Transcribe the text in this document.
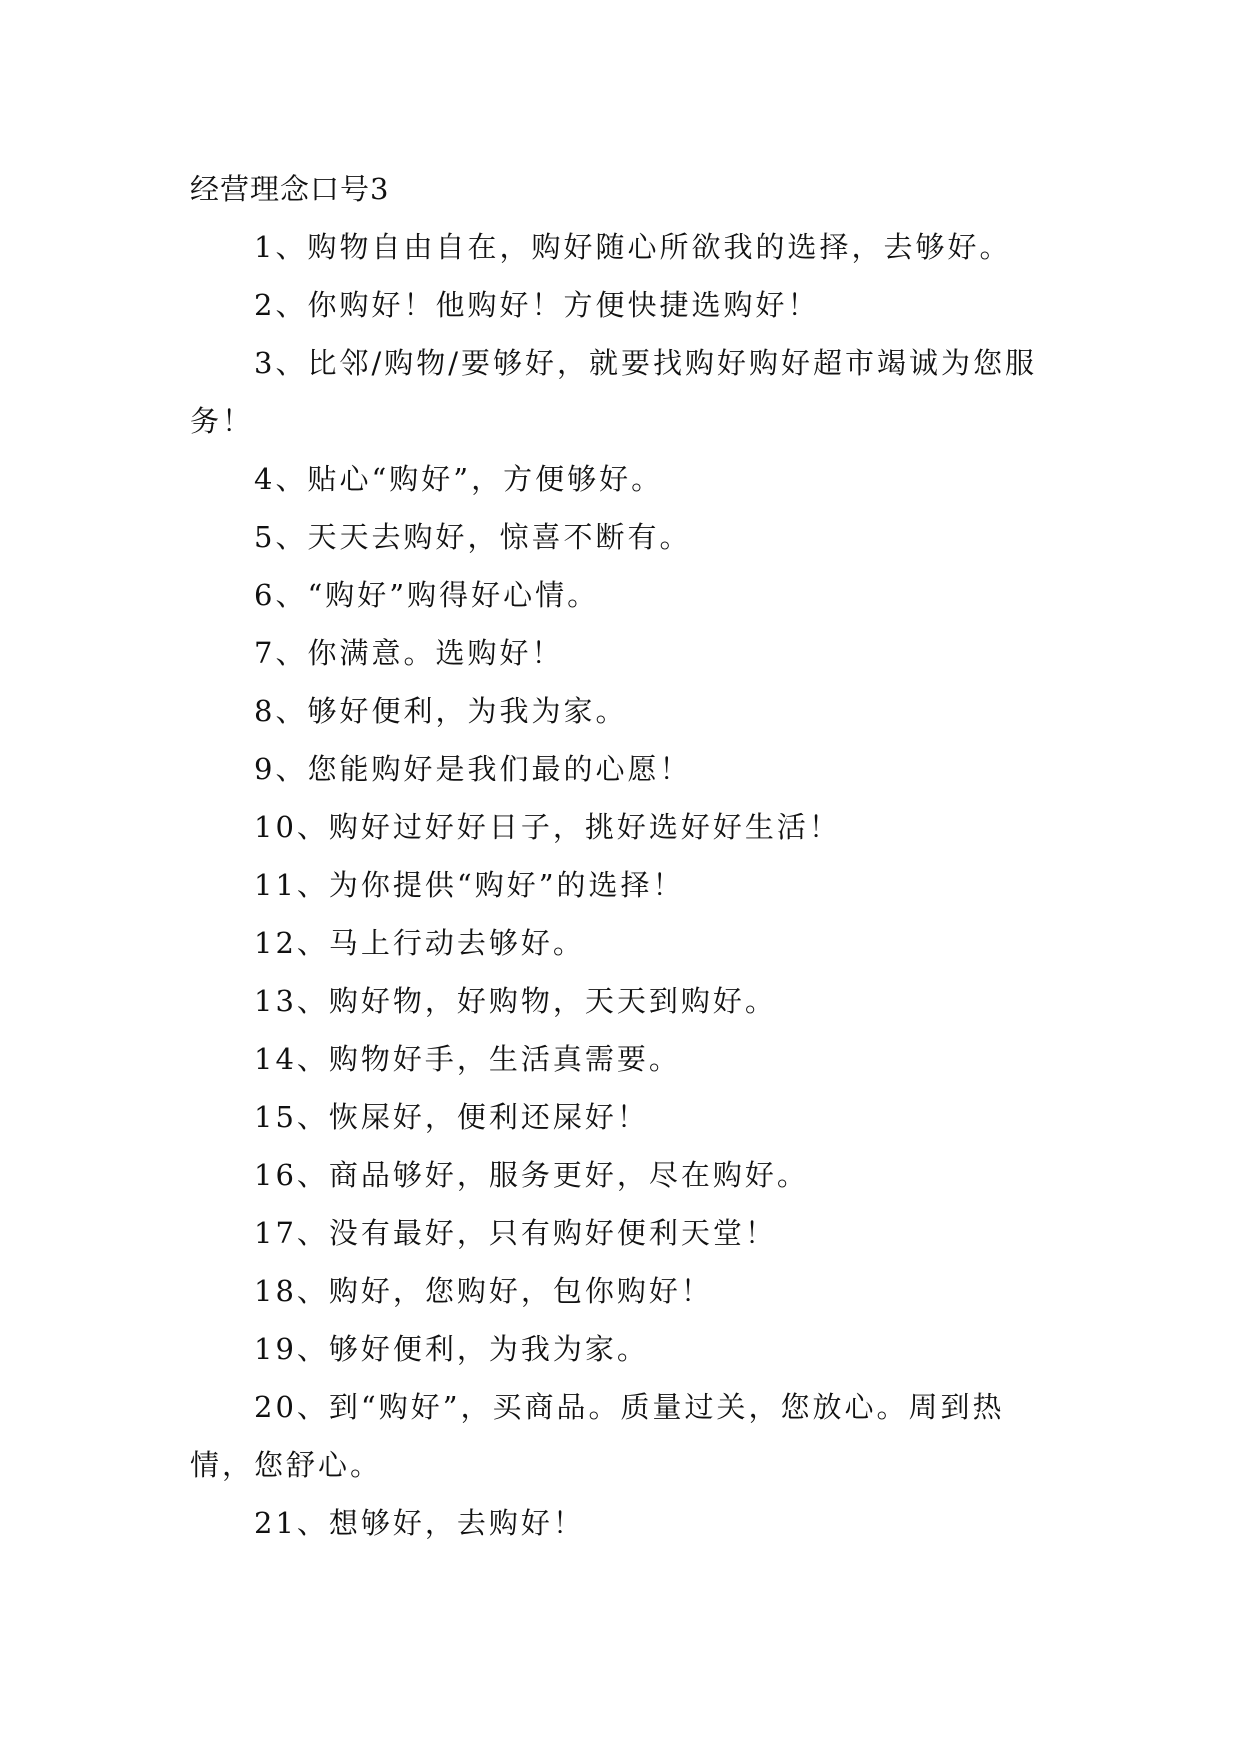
经营理念口号3

1、购物自由自在，购好随心所欲我的选择，去够好。

2、你购好！他购好！方便快捷选购好！

3、比邻/购物/要够好，就要找购好购好超市竭诚为您服务！

4、贴心“购好”，方便够好。

5、天天去购好，惊喜不断有。

6、“购好”购得好心情。

7、你满意。选购好！

8、够好便利，为我为家。

9、您能购好是我们最的心愿！

10、购好过好好日子，挑好选好好生活！

11、为你提供“购好”的选择！

12、马上行动去够好。

13、购好物，好购物，天天到购好。

14、购物好手，生活真需要。

15、恢屎好，便利还屎好！

16、商品够好，服务更好，尽在购好。

17、没有最好，只有购好便利天堂！

18、购好，您购好，包你购好！

19、够好便利，为我为家。

20、到“购好”，买商品。质量过关，您放心。周到热情，您舒心。

21、想够好，去购好！
